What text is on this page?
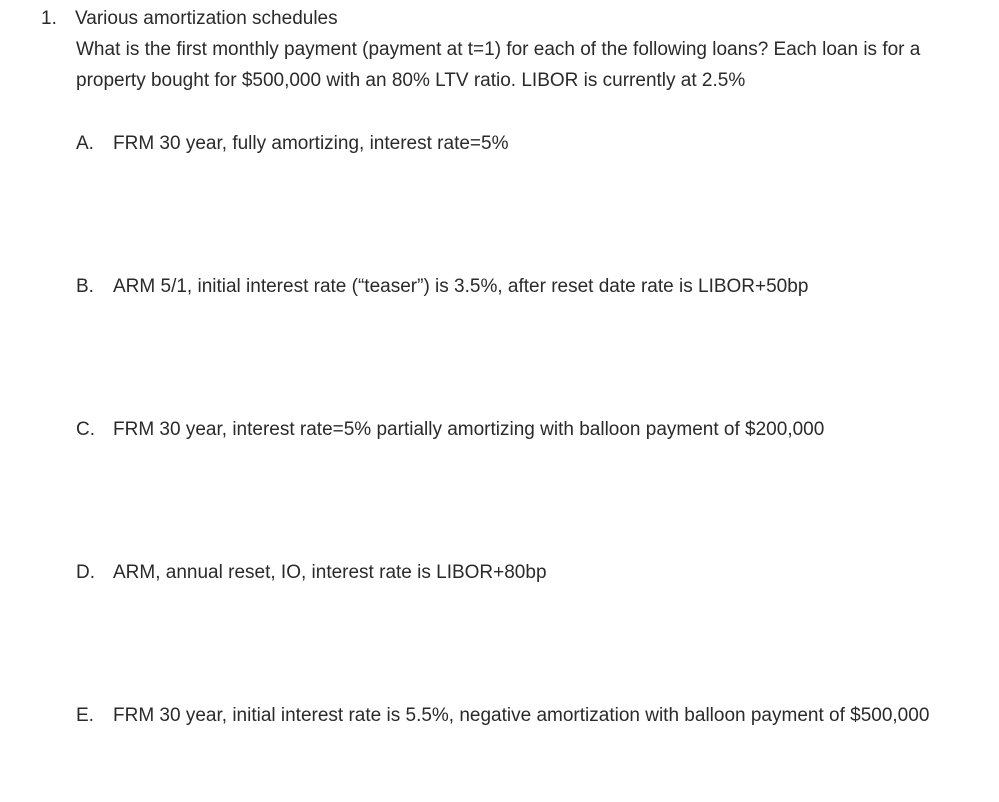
1. Various amortization schedules
What is the first monthly payment (payment at t=1) for each of the following loans? Each loan is for a property bought for $500,000 with an 80% LTV ratio. LIBOR is currently at 2.5%
A. FRM 30 year, fully amortizing, interest rate=5%
B. ARM 5/1, initial interest rate (“teaser”) is 3.5%, after reset date rate is LIBOR+50bp
C. FRM 30 year, interest rate=5% partially amortizing with balloon payment of $200,000
D. ARM, annual reset, IO, interest rate is LIBOR+80bp
E. FRM 30 year, initial interest rate is 5.5%, negative amortization with balloon payment of $500,000
